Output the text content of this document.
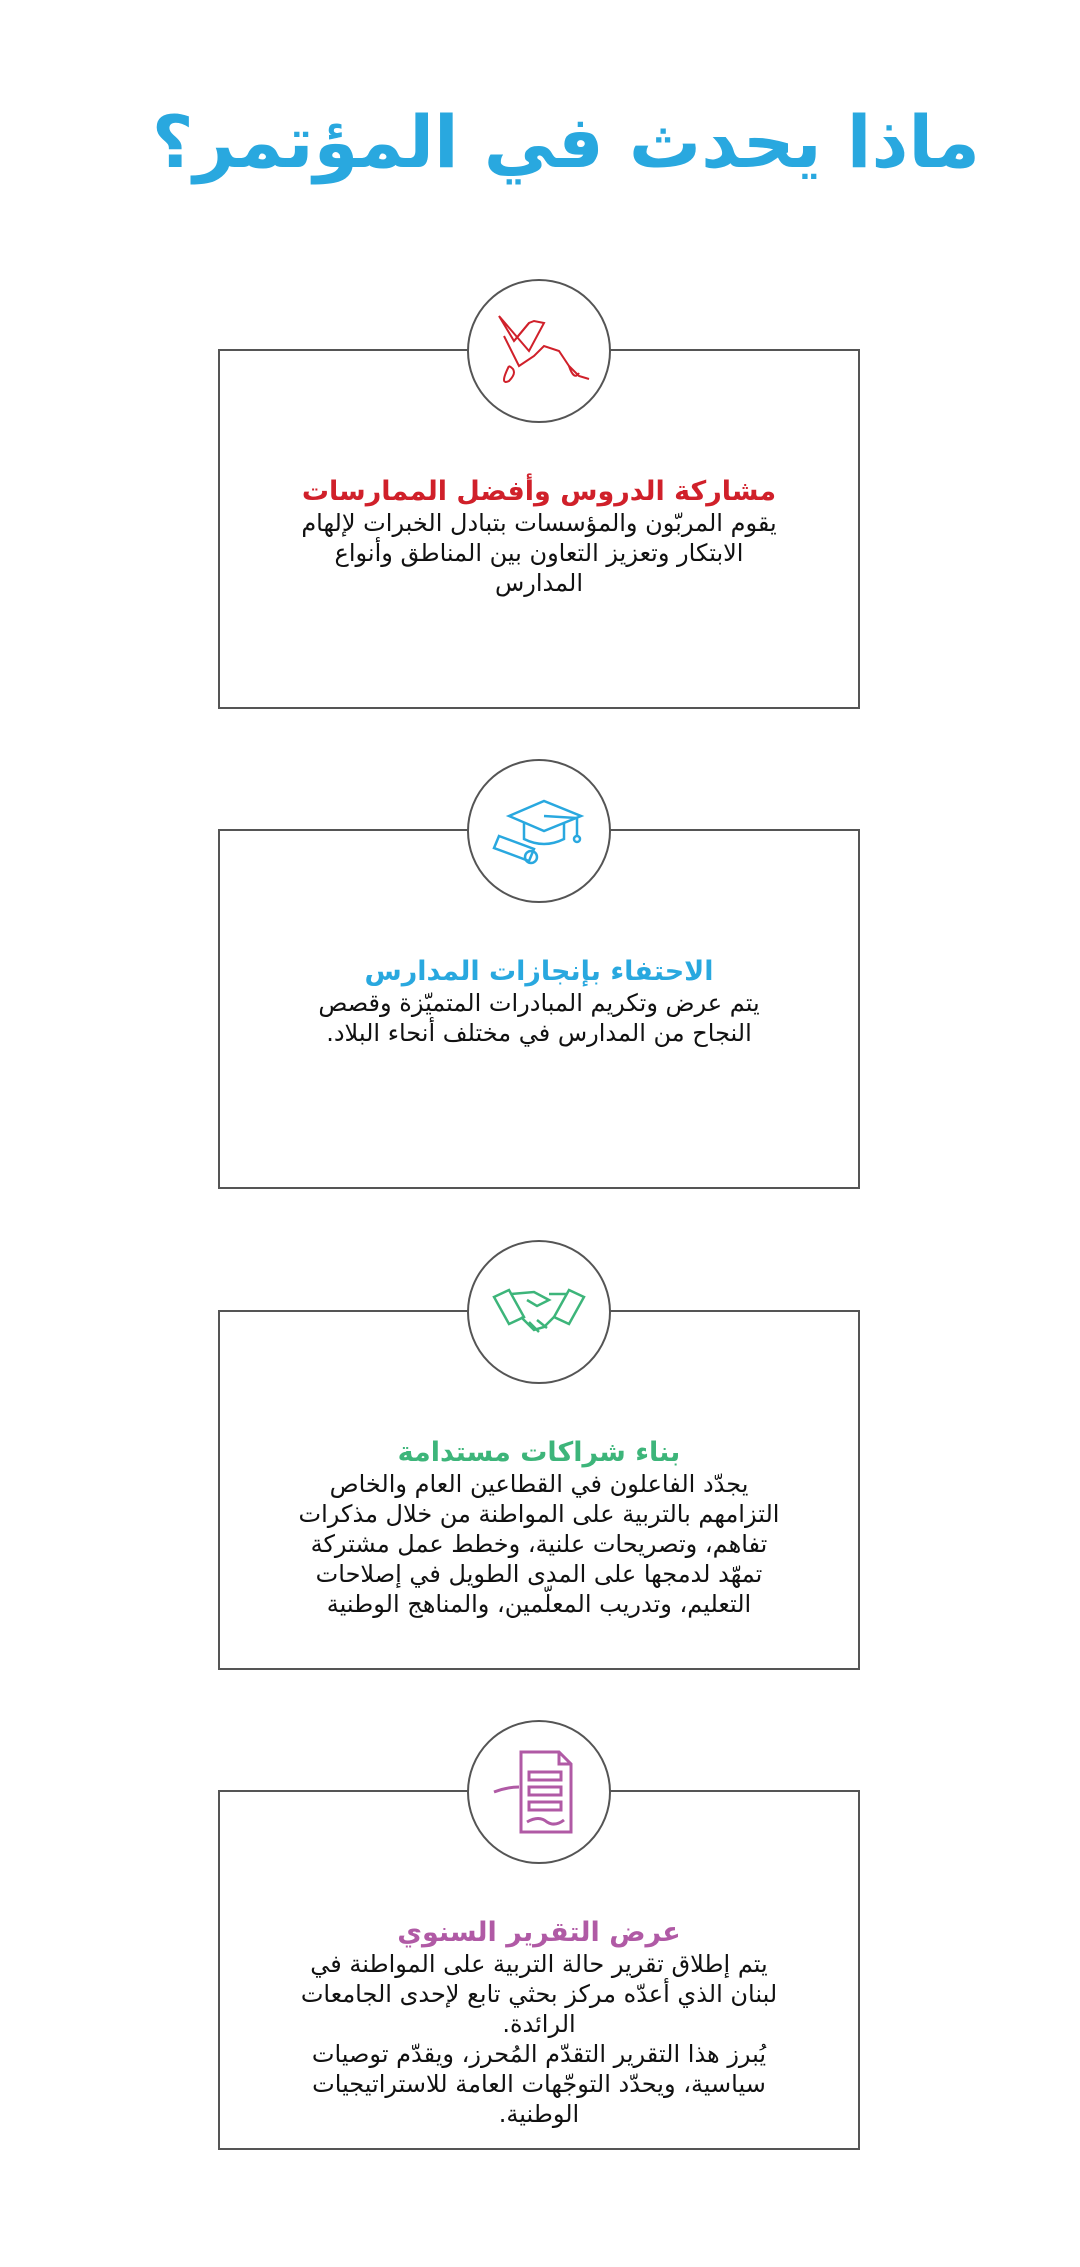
ماذا يحدث في المؤتمر؟
مشاركة الدروس وأفضل الممارسات
يقوم المربّون والمؤسسات بتبادل الخبرات لإلهام
الابتكار وتعزيز التعاون بين المناطق وأنواع
المدارس
الاحتفاء بإنجازات المدارس
يتم عرض وتكريم المبادرات المتميّزة وقصص
النجاح من المدارس في مختلف أنحاء البلاد.
بناء شراكات مستدامة
يجدّد الفاعلون في القطاعين العام والخاص
التزامهم بالتربية على المواطنة من خلال مذكرات
تفاهم، وتصريحات علنية، وخطط عمل مشتركة
تمهّد لدمجها على المدى الطويل في إصلاحات
التعليم، وتدريب المعلّمين، والمناهج الوطنية
عرض التقرير السنوي
يتم إطلاق تقرير حالة التربية على المواطنة في
لبنان الذي أعدّه مركز بحثي تابع لإحدى الجامعات
الرائدة.
يُبرز هذا التقرير التقدّم المُحرز، ويقدّم توصيات
سياسية، ويحدّد التوجّهات العامة للاستراتيجيات
الوطنية.
